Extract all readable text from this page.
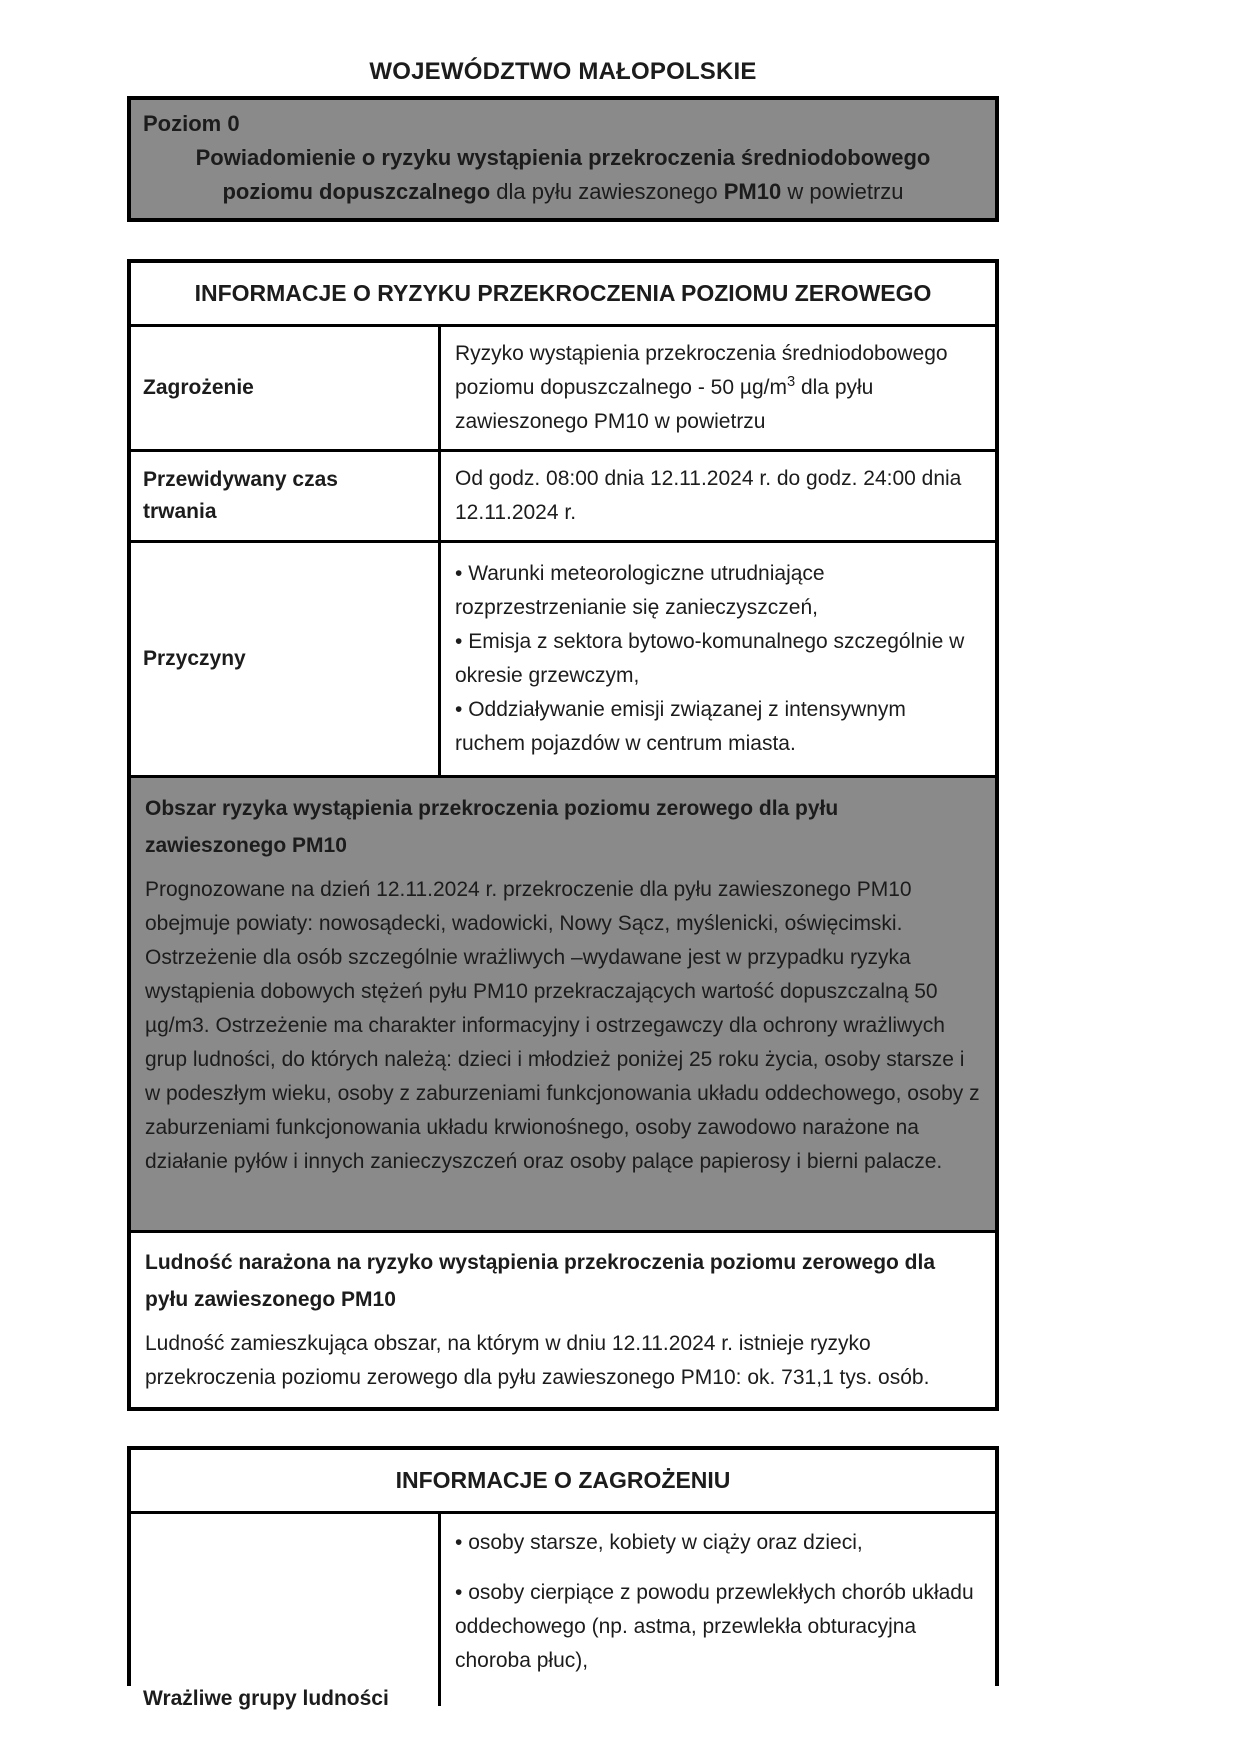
WOJEWÓDZTWO MAŁOPOLSKIE
Poziom 0
Powiadomienie o ryzyku wystąpienia przekroczenia średniodobowego
poziomu dopuszczalnego dla pyłu zawieszonego PM10 w powietrzu
INFORMACJE O RYZYKU PRZEKROCZENIA POZIOMU ZEROWEGO
Zagrożenie
Ryzyko wystąpienia przekroczenia średniodobowego poziomu dopuszczalnego - 50 $\mu g/m^3$ dla pyłu zawieszonego PM10 w powietrzu
Przewidywany czas trwania
Od godz. 08:00 dnia 12.11.2024 r. do godz. 24:00 dnia 12.11.2024 r.
Przyczyny
• Warunki meteorologiczne utrudniające rozprzestrzenianie się zanieczyszczeń,
• Emisja z sektora bytowo-komunalnego szczególnie w okresie grzewczym,
• Oddziaływanie emisji związanej z intensywnym ruchem pojazdów w centrum miasta.
Obszar ryzyka wystąpienia przekroczenia poziomu zerowego dla pyłu zawieszonego PM10

Prognozowane na dzień 12.11.2024 r. przekroczenie dla pyłu zawieszonego PM10 obejmuje powiaty: nowosądecki, wadowicki, Nowy Sącz, myślenicki, oświęcimski. Ostrzeżenie dla osób szczególnie wrażliwych –wydawane jest w przypadku ryzyka wystąpienia dobowych stężeń pyłu PM10 przekraczających wartość dopuszczalną 50 µg/m3. Ostrzeżenie ma charakter informacyjny i ostrzegawczy dla ochrony wrażliwych grup ludności, do których należą: dzieci i młodzież poniżej 25 roku życia, osoby starsze i w podeszłym wieku, osoby z zaburzeniami funkcjonowania układu oddechowego, osoby z zaburzeniami funkcjonowania układu krwionośnego, osoby zawodowo narażone na działanie pyłów i innych zanieczyszczeń oraz osoby palące papierosy i bierni palacze.

Ludność narażona na ryzyko wystąpienia przekroczenia poziomu zerowego dla pyłu zawieszonego PM10

Ludność zamieszkująca obszar, na którym w dniu 12.11.2024 r. istnieje ryzyko przekroczenia poziomu zerowego dla pyłu zawieszonego PM10: ok. 731,1 tys. osób.

INFORMACJE O ZAGROŻENIU
Wrażliwe grupy ludności
• osoby starsze, kobiety w ciąży oraz dzieci,
• osoby cierpiące z powodu przewlekłych chorób układu oddechowego (np. astma, przewlekła obturacyjna choroba płuc),
